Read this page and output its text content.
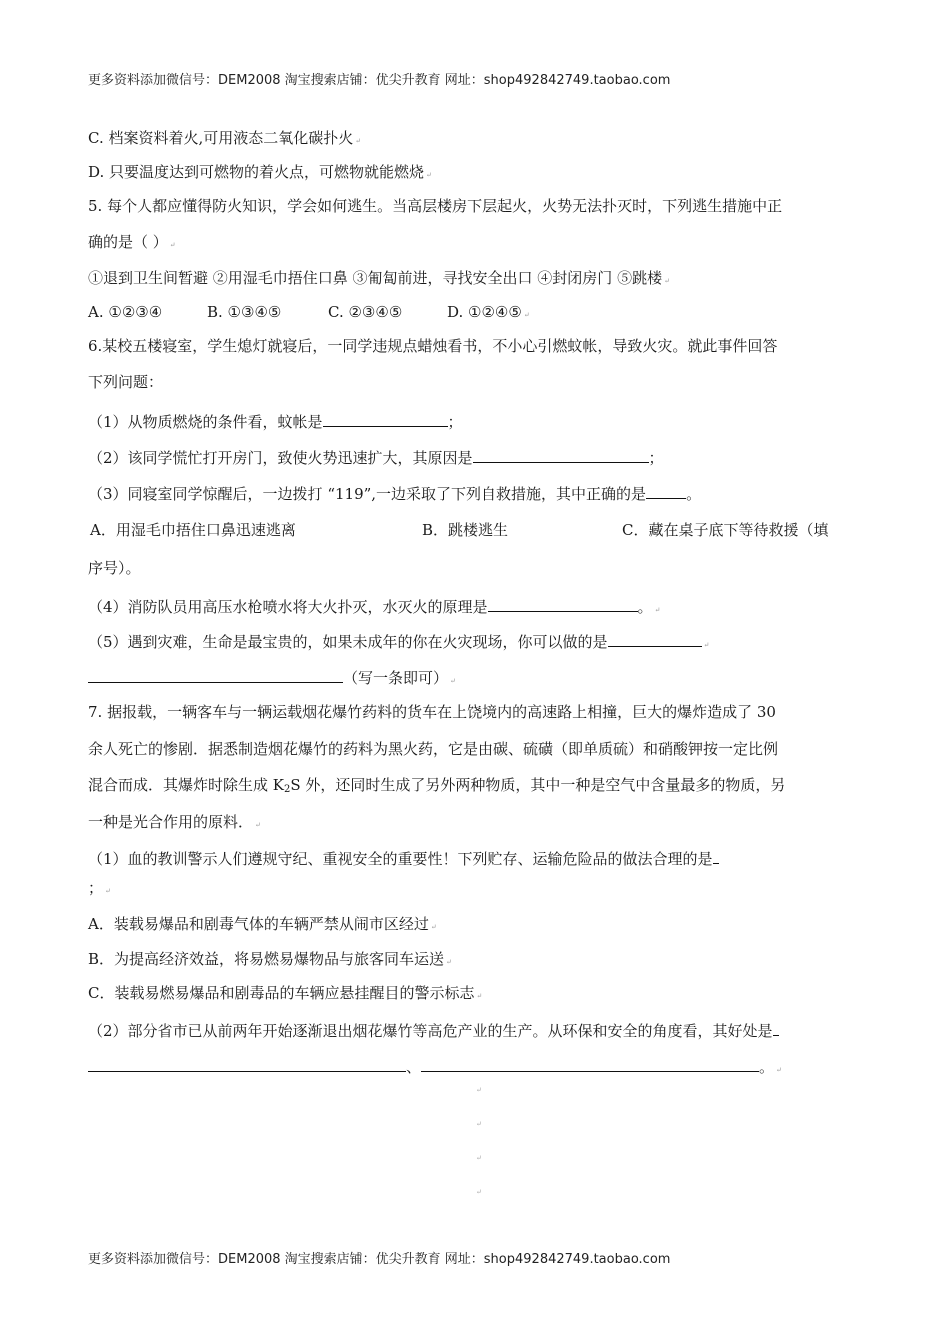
更多资料添加微信号：DEM2008 淘宝搜索店铺：优尖升教育 网址：shop492842749.taobao.com
C. 档案资料着火,可用液态二氧化碳扑火 ↵
D. 只要温度达到可燃物的着火点，可燃物就能燃烧 ↵
5. 每个人都应懂得防火知识，学会如何逃生。当高层楼房下层起火，火势无法扑灭时，下列逃生措施中正
确的是（ ） ↵
①退到卫生间暂避 ②用湿毛巾捂住口鼻 ③匍匐前进，寻找安全出口 ④封闭房门 ⑤跳楼 ↵
A. ①②③④	B. ①③④⑤	C. ②③④⑤	D. ①②④⑤ ↵
6.某校五楼寝室，学生熄灯就寝后，一同学违规点蜡烛看书，不小心引燃蚊帐，导致火灾。就此事件回答
下列问题：
（1）从物质燃烧的条件看，蚊帐是	；
（2）该同学慌忙打开房门，致使火势迅速扩大，其原因是	；
（3）同寝室同学惊醒后，一边拨打 “119”,一边采取了下列自救措施，其中正确的是	。
A．用湿毛巾捂住口鼻迅速逃离	B．跳楼逃生	C．藏在桌子底下等待救援（填
序号）。
（4）消防队员用高压水枪喷水将大火扑灭，水灭火的原理是	。 ↵
（5）遇到灾难，生命是最宝贵的，如果未成年的你在火灾现场，你可以做的是	↵
（写一条即可） ↵
7. 据报载，一辆客车与一辆运载烟花爆竹药料的货车在上饶境内的高速路上相撞，巨大的爆炸造成了 30
余人死亡的惨剧．据悉制造烟花爆竹的药料为黑火药，它是由碳、硫磺（即单质硫）和硝酸钾按一定比例
混合而成．其爆炸时除生成 $K_2S$ 外，还同时生成了另外两种物质，其中一种是空气中含量最多的物质，另
一种是光合作用的原料． ↵
（1）血的教训警示人们遵规守纪、重视安全的重要性！下列贮存、运输危险品的做法合理的是
； ↵
A．装载易爆品和剧毒气体的车辆严禁从闹市区经过 ↵
B．为提高经济效益，将易燃易爆物品与旅客同车运送 ↵
C．装载易燃易爆品和剧毒品的车辆应悬挂醒目的警示标志 ↵
（2）部分省市已从前两年开始逐渐退出烟花爆竹等高危产业的生产。从环保和安全的角度看，其好处是
、	。 ↵
↵
↵
↵
↵
更多资料添加微信号：DEM2008 淘宝搜索店铺：优尖升教育 网址：shop492842749.taobao.com
